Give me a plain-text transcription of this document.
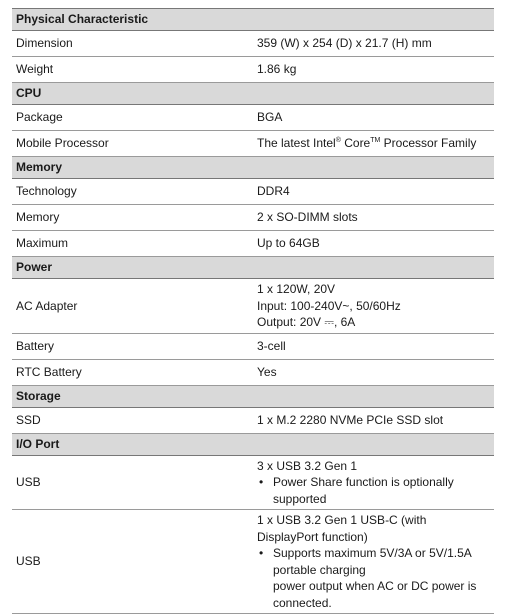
Physical Characteristic	
Dimension	359 (W) x 254 (D) x 21.7 (H) mm
Weight	1.86 kg
CPU	
Package	BGA
Mobile Processor	The latest Intel® Core™ Processor Family
Memory	
Technology	DDR4
Memory	2 x SO-DIMM slots
Maximum	Up to 64GB
Power	
AC Adapter	1 x 120W, 20V
Input: 100-240V~, 50/60Hz
Output: 20V ⎓, 6A

Battery	3-cell
RTC Battery	Yes
Storage	
SSD	1 x M.2 2280 NVMe PCIe SSD slot
I/O Port	
USB	3 x USB 3.2 Gen 1
• Power Share function is optionally supported

USB	1 x USB 3.2 Gen 1 USB-C (with DisplayPort function)
• Supports maximum 5V/3A or 5V/1.5A portable charging
power output when AC or DC power is connected.
